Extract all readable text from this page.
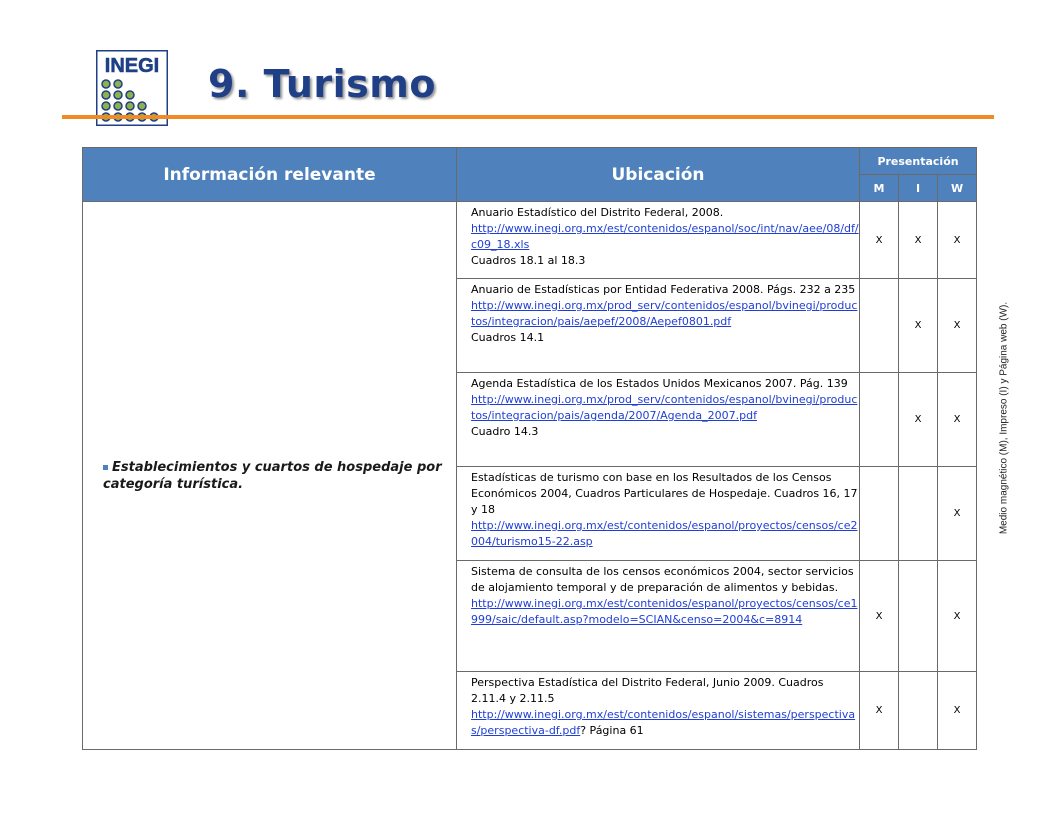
INEGI 9. Turismo
Información relevante	Ubicación	Presentación		
		M	I	W
Establecimientos y cuartos de hospedaje por categoría turística.	Anuario Estadístico del Distrito Federal, 2008.
http://www.inegi.org.mx/est/contenidos/espanol/soc/int/nav/aee/08/df/c09_18.xls
Cuadros 18.1 al 18.3	X	X	X

	Anuario de Estadísticas por Entidad Federativa 2008. Págs. 232 a 235
http://www.inegi.org.mx/prod_serv/contenidos/espanol/bvinegi/productos/integracion/pais/aepef/2008/Aepef0801.pdf
Cuadros 14.1		X	X

	Agenda Estadística de los Estados Unidos Mexicanos 2007. Pág. 139
http://www.inegi.org.mx/prod_serv/contenidos/espanol/bvinegi/productos/integracion/pais/agenda/2007/Agenda_2007.pdf
Cuadro 14.3		X	X

	Estadísticas de turismo con base en los Resultados de los Censos Económicos 2004, Cuadros Particulares de Hospedaje. Cuadros 16, 17 y 18
http://www.inegi.org.mx/est/contenidos/espanol/proyectos/censos/ce2004/turismo15-22.asp			X

	Sistema de consulta de los censos económicos 2004, sector servicios de alojamiento temporal y de preparación de alimentos y bebidas.
http://www.inegi.org.mx/est/contenidos/espanol/proyectos/censos/ce1999/saic/default.asp?modelo=SCIAN&censo=2004&c=8914	X		X

	Perspectiva Estadística del Distrito Federal, Junio 2009. Cuadros 2.11.4 y 2.11.5
http://www.inegi.org.mx/est/contenidos/espanol/sistemas/perspectivas/perspectiva-df.pdf? Página 61	X		X
Medio magnético (M), Impreso (I) y Página web (W).
